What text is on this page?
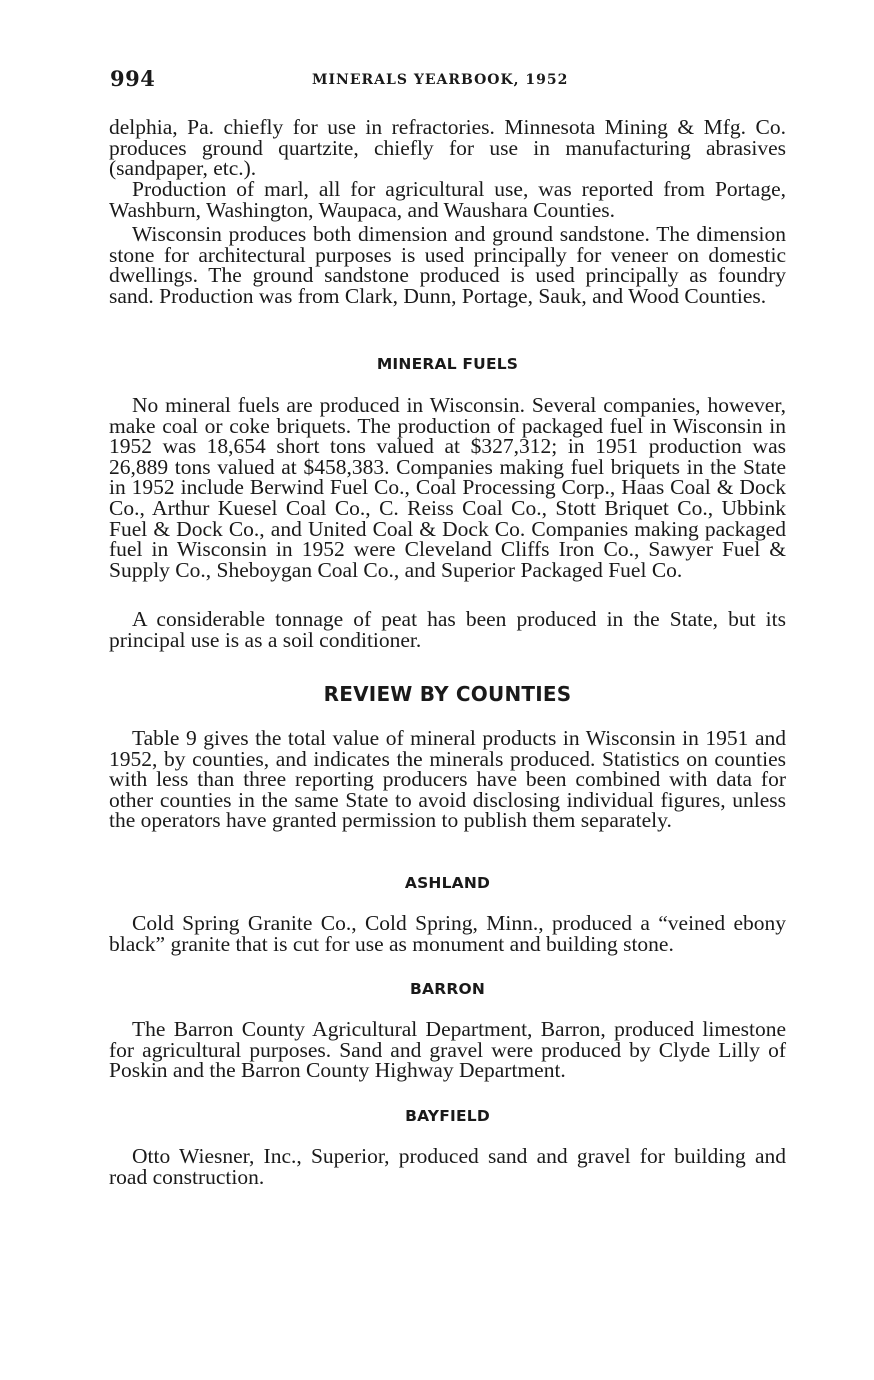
994	MINERALS YEARBOOK, 1952

delphia, Pa. chiefly for use in refractories. Minnesota Mining & Mfg. Co. produces ground quartzite, chiefly for use in manufacturing abrasives (sandpaper, etc.).

Production of marl, all for agricultural use, was reported from Portage, Washburn, Washington, Waupaca, and Waushara Counties.

Wisconsin produces both dimension and ground sandstone. The dimension stone for architectural purposes is used principally for veneer on domestic dwellings. The ground sandstone produced is used principally as foundry sand. Production was from Clark, Dunn, Portage, Sauk, and Wood Counties.

MINERAL FUELS

No mineral fuels are produced in Wisconsin. Several companies, however, make coal or coke briquets. The production of packaged fuel in Wisconsin in 1952 was 18,654 short tons valued at $327,312; in 1951 production was 26,889 tons valued at $458,383. Companies making fuel briquets in the State in 1952 include Berwind Fuel Co., Coal Processing Corp., Haas Coal & Dock Co., Arthur Kuesel Coal Co., C. Reiss Coal Co., Stott Briquet Co., Ubbink Fuel & Dock Co., and United Coal & Dock Co. Companies making packaged fuel in Wisconsin in 1952 were Cleveland Cliffs Iron Co., Sawyer Fuel & Supply Co., Sheboygan Coal Co., and Superior Packaged Fuel Co.

A considerable tonnage of peat has been produced in the State, but its principal use is as a soil conditioner.

REVIEW BY COUNTIES

Table 9 gives the total value of mineral products in Wisconsin in 1951 and 1952, by counties, and indicates the minerals produced. Statistics on counties with less than three reporting producers have been combined with data for other counties in the same State to avoid disclosing individual figures, unless the operators have granted permission to publish them separately.

ASHLAND

Cold Spring Granite Co., Cold Spring, Minn., produced a “veined ebony black” granite that is cut for use as monument and building stone.

BARRON

The Barron County Agricultural Department, Barron, produced limestone for agricultural purposes. Sand and gravel were produced by Clyde Lilly of Poskin and the Barron County Highway Department.

BAYFIELD

Otto Wiesner, Inc., Superior, produced sand and gravel for building and road construction.
